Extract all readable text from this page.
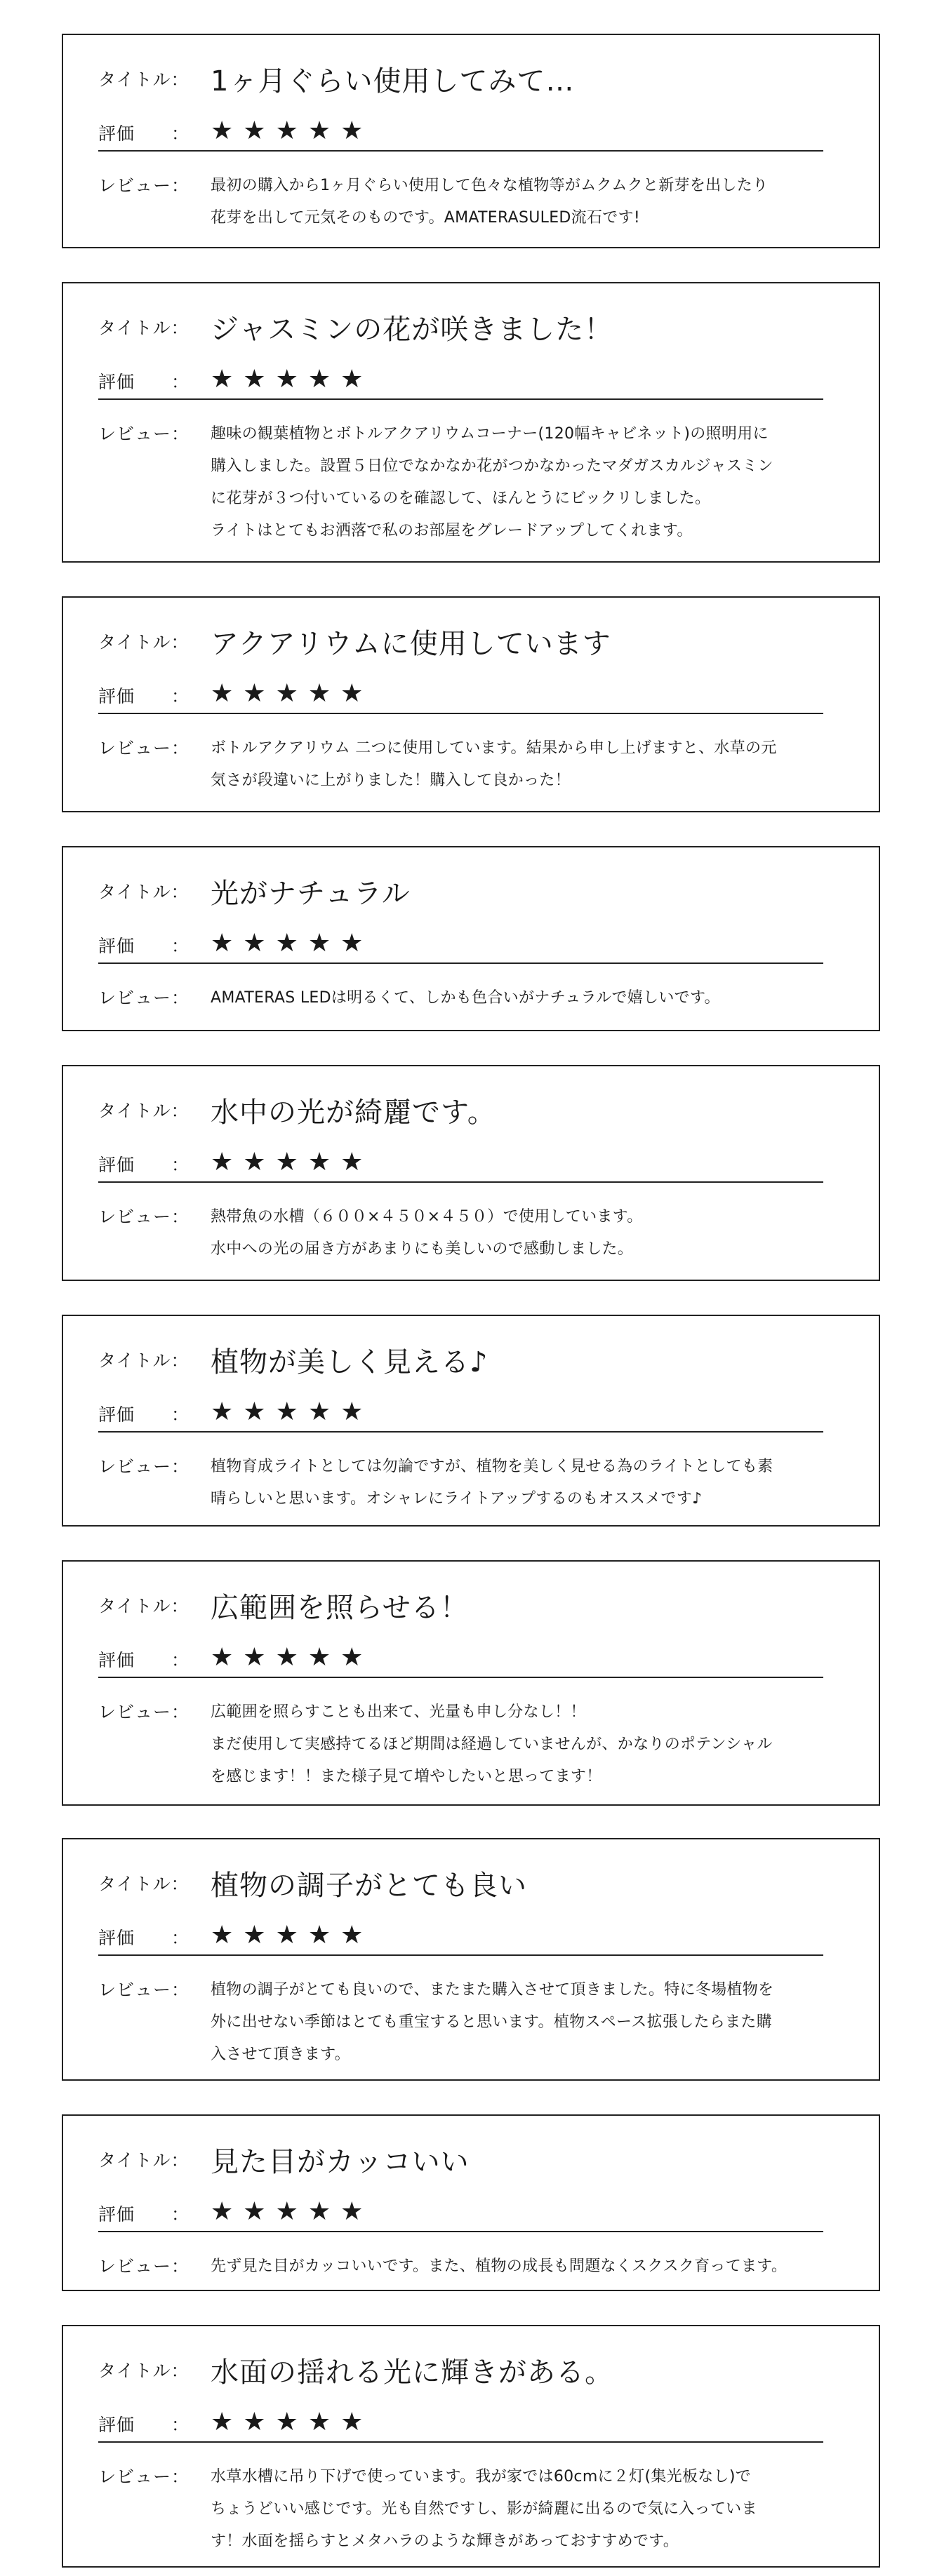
タイトル： 1ヶ月ぐらい使用してみて…
評価　　： ★ ★ ★ ★ ★
レビュー：	最初の購入から1ヶ月ぐらい使用して色々な植物等がムクムクと新芽を出したり
花芽を出して元気そのものです。AMATERASULED流石です!
タイトル： ジャスミンの花が咲きました！
評価　　： ★ ★ ★ ★ ★
レビュー：	趣味の観葉植物とボトルアクアリウムコーナー(120幅キャビネット)の照明用に
購入しました。設置５日位でなかなか花がつかなかったマダガスカルジャスミン
に花芽が３つ付いているのを確認して、ほんとうにビックリしました。
ライトはとてもお洒落で私のお部屋をグレードアップしてくれます。
タイトル： アクアリウムに使用しています
評価　　： ★ ★ ★ ★ ★
レビュー：	ボトルアクアリウム 二つに使用しています。結果から申し上げますと、水草の元
気さが段違いに上がりました！購入して良かった！
タイトル： 光がナチュラル
評価　　： ★ ★ ★ ★ ★
レビュー：	AMATERAS LEDは明るくて、しかも色合いがナチュラルで嬉しいです。
タイトル： 水中の光が綺麗です。
評価　　： ★ ★ ★ ★ ★
レビュー：	熱帯魚の水槽（６００×４５０×４５０）で使用しています。
水中への光の届き方があまりにも美しいので感動しました。
タイトル： 植物が美しく見える♪
評価　　： ★ ★ ★ ★ ★
レビュー：	植物育成ライトとしては勿論ですが、植物を美しく見せる為のライトとしても素
晴らしいと思います。オシャレにライトアップするのもオススメです♪
タイトル： 広範囲を照らせる！
評価　　： ★ ★ ★ ★ ★
レビュー：	広範囲を照らすことも出来て、光量も申し分なし！！
まだ使用して実感持てるほど期間は経過していませんが、かなりのポテンシャル
を感じます！！また様子見て増やしたいと思ってます！
タイトル： 植物の調子がとても良い
評価　　： ★ ★ ★ ★ ★
レビュー：	植物の調子がとても良いので、またまた購入させて頂きました。特に冬場植物を
外に出せない季節はとても重宝すると思います。植物スペース拡張したらまた購
入させて頂きます。
タイトル： 見た目がカッコいい
評価　　： ★ ★ ★ ★ ★
レビュー：	先ず見た目がカッコいいです。また、植物の成長も問題なくスクスク育ってます。
タイトル： 水面の揺れる光に輝きがある。
評価　　： ★ ★ ★ ★ ★
レビュー：	水草水槽に吊り下げで使っています。我が家では60cmに２灯(集光板なし)で
ちょうどいい感じです。光も自然ですし、影が綺麗に出るので気に入っていま
す！水面を揺らすとメタハラのような輝きがあっておすすめです。
